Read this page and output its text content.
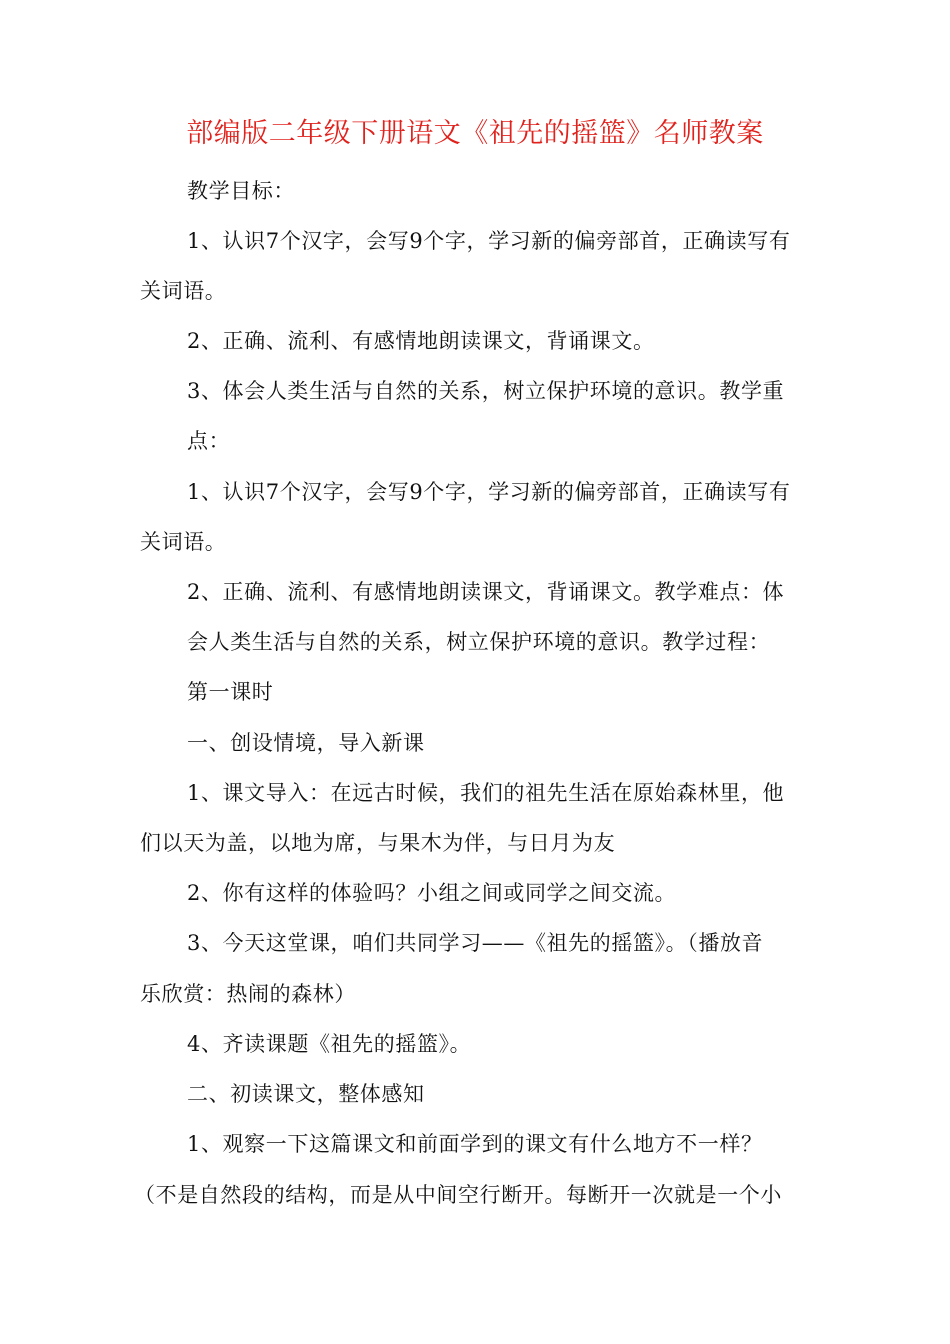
部编版二年级下册语文《祖先的摇篮》名师教案
教学目标：
1、认识7个汉字，会写9个字，学习新的偏旁部首，正确读写有
关词语。
2、正确、流利、有感情地朗读课文，背诵课文。
3、体会人类生活与自然的关系，树立保护环境的意识。教学重
点：
1、认识7个汉字，会写9个字，学习新的偏旁部首，正确读写有
关词语。
2、正确、流利、有感情地朗读课文，背诵课文。教学难点：体
会人类生活与自然的关系，树立保护环境的意识。教学过程：
第一课时
一、创设情境，导入新课
1、课文导入：在远古时候，我们的祖先生活在原始森林里，他
们以天为盖，以地为席，与果木为伴，与日月为友
2、你有这样的体验吗？小组之间或同学之间交流。
3、今天这堂课，咱们共同学习——《祖先的摇篮》。（播放音
乐欣赏：热闹的森林）
4、齐读课题《祖先的摇篮》。
二、初读课文，整体感知
1、观察一下这篇课文和前面学到的课文有什么地方不一样？
（不是自然段的结构，而是从中间空行断开。每断开一次就是一个小
